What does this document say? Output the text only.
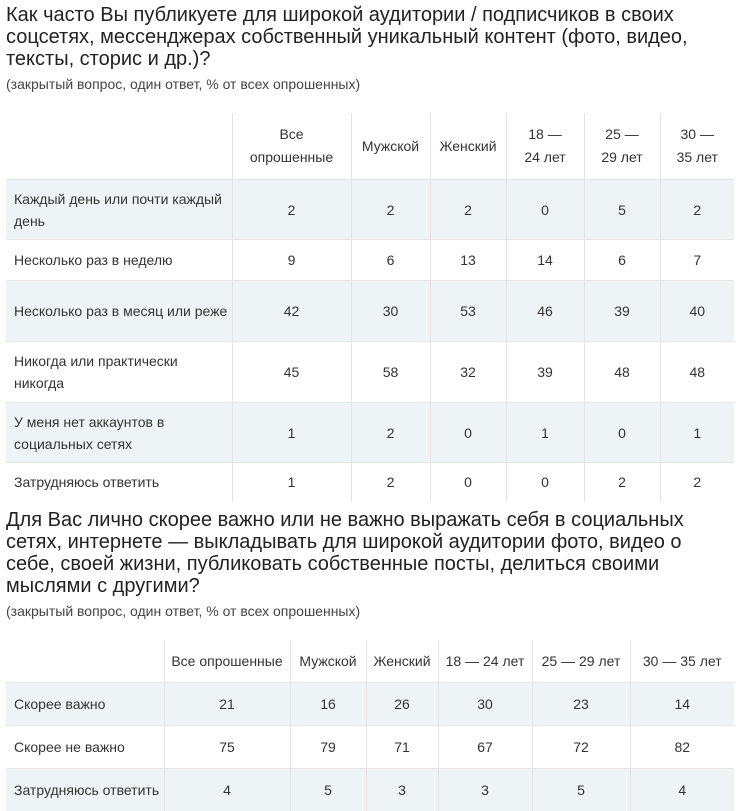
Как часто Вы публикуете для широкой аудитории / подписчиков в своих соцсетях, мессенджерах собственный уникальный контент (фото, видео, тексты, сторис и др.)?
(закрытый вопрос, один ответ, % от всех опрошенных)
	Все опрошенные	Мужской	Женский	18 — 24 лет	25 — 29 лет	30 — 35 лет
Каждый день или почти каждый день	2	2	2	0	5	2
Несколько раз в неделю	9	6	13	14	6	7
Несколько раз в месяц или реже	42	30	53	46	39	40
Никогда или практически никогда	45	58	32	39	48	48
У меня нет аккаунтов в социальных сетях	1	2	0	1	0	1
Затрудняюсь ответить	1	2	0	0	2	2
Для Вас лично скорее важно или не важно выражать себя в социальных сетях, интернете — выкладывать для широкой аудитории фото, видео о себе, своей жизни, публиковать собственные посты, делиться своими мыслями с другими?
(закрытый вопрос, один ответ, % от всех опрошенных)
	Все опрошенные	Мужской	Женский	18 — 24 лет	25 — 29 лет	30 — 35 лет
Скорее важно	21	16	26	30	23	14
Скорее не важно	75	79	71	67	72	82
Затрудняюсь ответить	4	5	3	3	5	4
